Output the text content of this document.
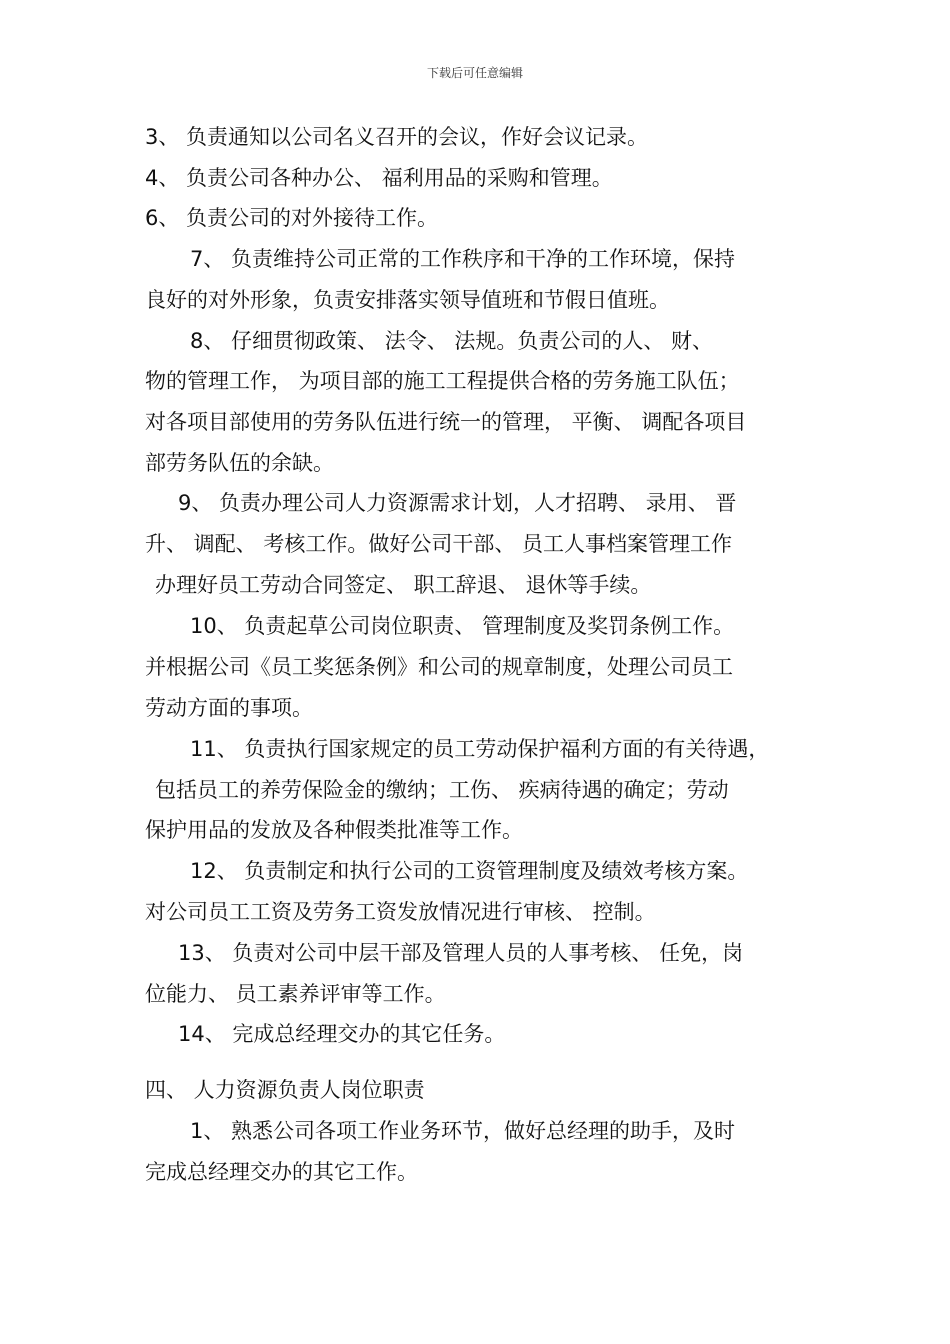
下载后可任意编辑
3、 负责通知以公司名义召开的会议，作好会议记录。
4、 负责公司各种办公、 福利用品的采购和管理。
6、 负责公司的对外接待工作。
7、 负责维持公司正常的工作秩序和干净的工作环境，保持
良好的对外形象，负责安排落实领导值班和节假日值班。
8、 仔细贯彻政策、 法令、 法规。负责公司的人、 财、
物的管理工作， 为项目部的施工工程提供合格的劳务施工队伍；
对各项目部使用的劳务队伍进行统一的管理， 平衡、 调配各项目
部劳务队伍的余缺。
9、 负责办理公司人力资源需求计划，人才招聘、 录用、 晋
升、 调配、 考核工作。做好公司干部、 员工人事档案管理工作
办理好员工劳动合同签定、 职工辞退、 退休等手续。
10、 负责起草公司岗位职责、 管理制度及奖罚条例工作。
并根据公司《员工奖惩条例》和公司的规章制度，处理公司员工
劳动方面的事项。
11、 负责执行国家规定的员工劳动保护福利方面的有关待遇，
包括员工的养劳保险金的缴纳；工伤、 疾病待遇的确定；劳动
保护用品的发放及各种假类批准等工作。
12、 负责制定和执行公司的工资管理制度及绩效考核方案。
对公司员工工资及劳务工资发放情况进行审核、 控制。
13、 负责对公司中层干部及管理人员的人事考核、 任免，岗
位能力、 员工素养评审等工作。
14、 完成总经理交办的其它任务。
四、 人力资源负责人岗位职责
1、 熟悉公司各项工作业务环节，做好总经理的助手，及时
完成总经理交办的其它工作。
